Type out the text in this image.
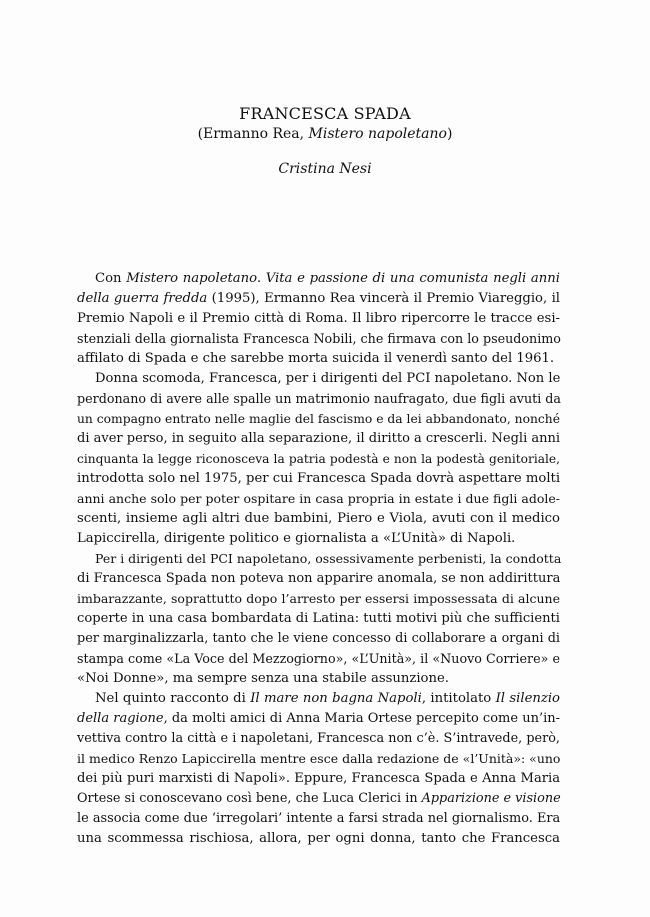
FRANCESCA SPADA
(Ermanno Rea, Mistero napoletano)
Cristina Nesi
Con Mistero napoletano. Vita e passione di una comunista negli anni
della guerra fredda (1995), Ermanno Rea vincerà il Premio Viareggio, il
Premio Napoli e il Premio città di Roma. Il libro ripercorre le tracce esi-
stenziali della giornalista Francesca Nobili, che firmava con lo pseudonimo
affilato di Spada e che sarebbe morta suicida il venerdì santo del 1961.
Donna scomoda, Francesca, per i dirigenti del PCI napoletano. Non le
perdonano di avere alle spalle un matrimonio naufragato, due figli avuti da
un compagno entrato nelle maglie del fascismo e da lei abbandonato, nonché
di aver perso, in seguito alla separazione, il diritto a crescerli. Negli anni
cinquanta la legge riconosceva la patria podestà e non la podestà genitoriale,
introdotta solo nel 1975, per cui Francesca Spada dovrà aspettare molti
anni anche solo per poter ospitare in casa propria in estate i due figli adole-
scenti, insieme agli altri due bambini, Piero e Viola, avuti con il medico
Lapiccirella, dirigente politico e giornalista a «L’Unità» di Napoli.
Per i dirigenti del PCI napoletano, ossessivamente perbenisti, la condotta
di Francesca Spada non poteva non apparire anomala, se non addirittura
imbarazzante, soprattutto dopo l’arresto per essersi impossessata di alcune
coperte in una casa bombardata di Latina: tutti motivi più che sufficienti
per marginalizzarla, tanto che le viene concesso di collaborare a organi di
stampa come «La Voce del Mezzogiorno», «L’Unità», il «Nuovo Corriere» e
«Noi Donne», ma sempre senza una stabile assunzione.
Nel quinto racconto di Il mare non bagna Napoli, intitolato Il silenzio
della ragione, da molti amici di Anna Maria Ortese percepito come un’in-
vettiva contro la città e i napoletani, Francesca non c’è. S’intravede, però,
il medico Renzo Lapiccirella mentre esce dalla redazione de «l’Unità»: «uno
dei più puri marxisti di Napoli». Eppure, Francesca Spada e Anna Maria
Ortese si conoscevano così bene, che Luca Clerici in Apparizione e visione
le associa come due ‘irregolari’ intente a farsi strada nel giornalismo. Era
una scommessa rischiosa, allora, per ogni donna, tanto che Francesca
